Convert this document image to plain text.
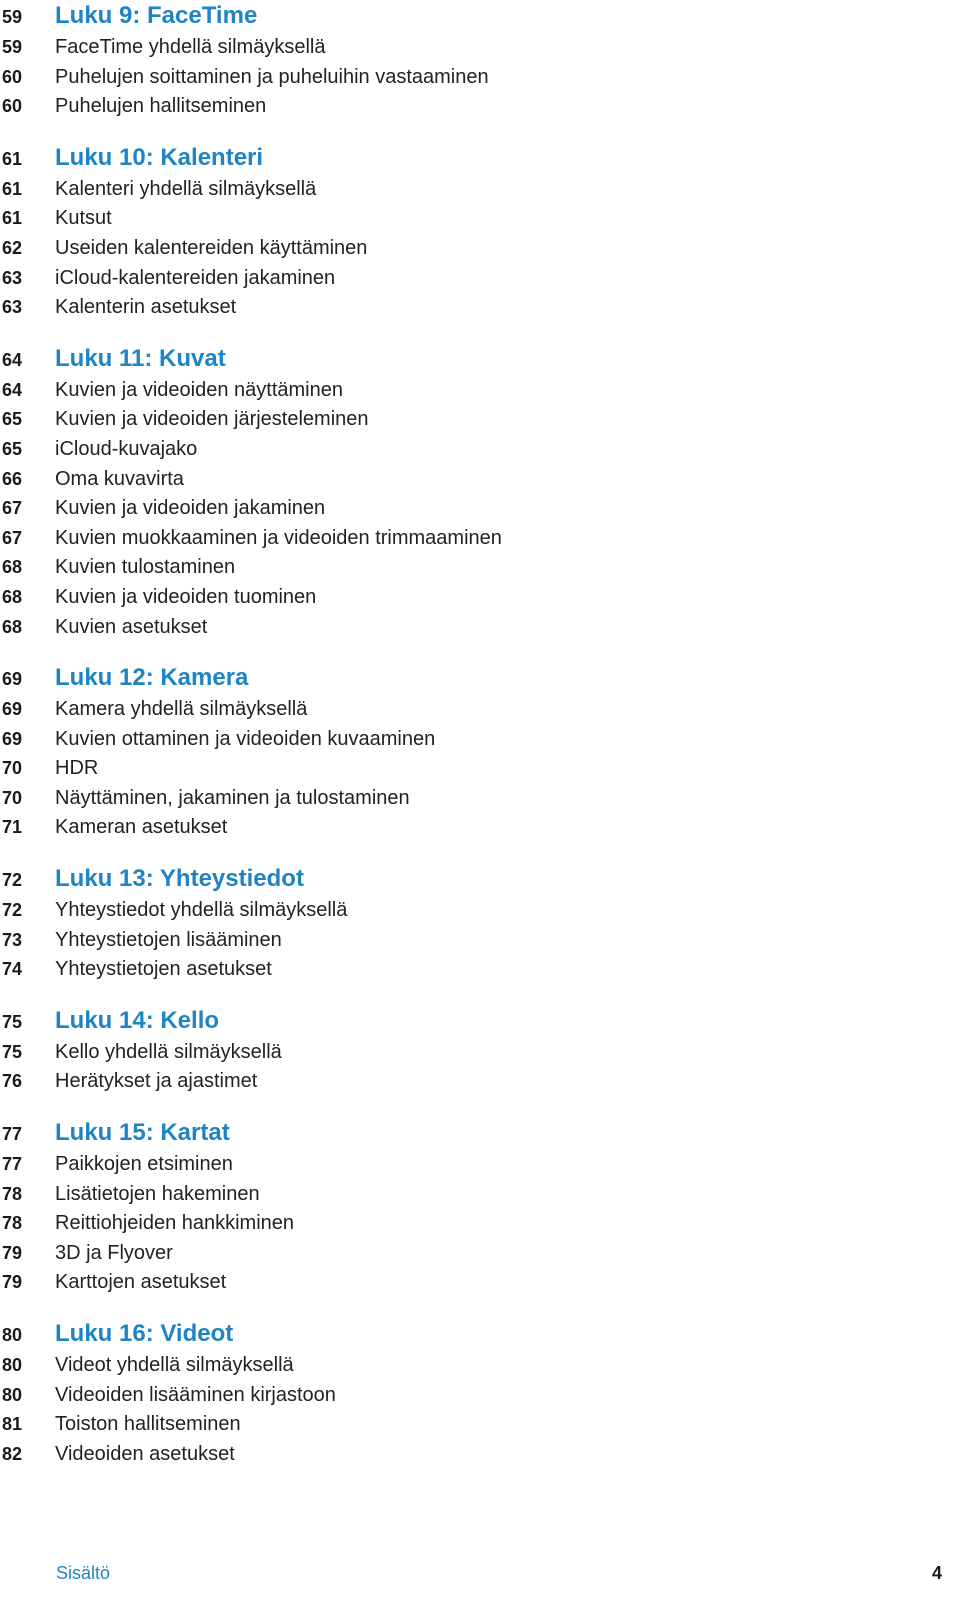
59	Luku 9: FaceTime
59	FaceTime yhdellä silmäyksellä
60	Puhelujen soittaminen ja puheluihin vastaaminen
60	Puhelujen hallitseminen
61	Luku 10: Kalenteri
61	Kalenteri yhdellä silmäyksellä
61	Kutsut
62	Useiden kalentereiden käyttäminen
63	iCloud-kalentereiden jakaminen
63	Kalenterin asetukset
64	Luku 11: Kuvat
64	Kuvien ja videoiden näyttäminen
65	Kuvien ja videoiden järjesteleminen
65	iCloud-kuvajako
66	Oma kuvavirta
67	Kuvien ja videoiden jakaminen
67	Kuvien muokkaaminen ja videoiden trimmaaminen
68	Kuvien tulostaminen
68	Kuvien ja videoiden tuominen
68	Kuvien asetukset
69	Luku 12: Kamera
69	Kamera yhdellä silmäyksellä
69	Kuvien ottaminen ja videoiden kuvaaminen
70	HDR
70	Näyttäminen, jakaminen ja tulostaminen
71	Kameran asetukset
72	Luku 13: Yhteystiedot
72	Yhteystiedot yhdellä silmäyksellä
73	Yhteystietojen lisääminen
74	Yhteystietojen asetukset
75	Luku 14: Kello
75	Kello yhdellä silmäyksellä
76	Herätykset ja ajastimet
77	Luku 15: Kartat
77	Paikkojen etsiminen
78	Lisätietojen hakeminen
78	Reittiohjeiden hankkiminen
79	3D ja Flyover
79	Karttojen asetukset
80	Luku 16: Videot
80	Videot yhdellä silmäyksellä
80	Videoiden lisääminen kirjastoon
81	Toiston hallitseminen
82	Videoiden asetukset
Sisältö	4
